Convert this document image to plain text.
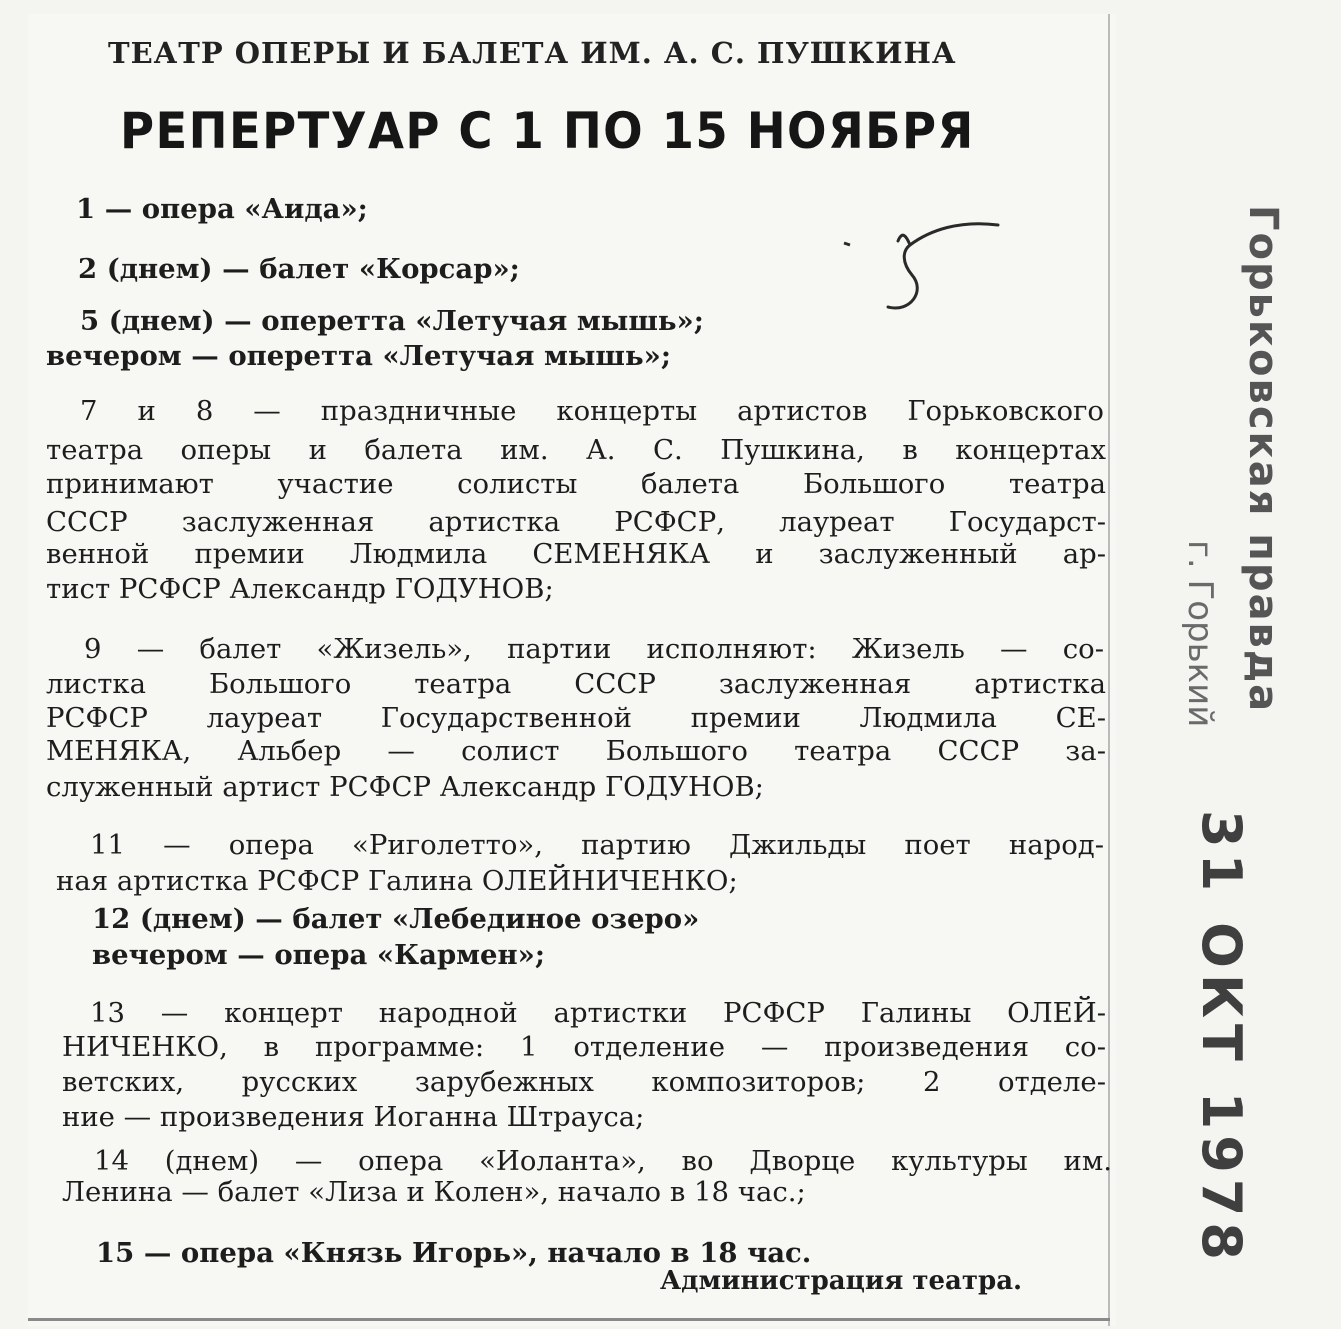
ТЕАТР ОПЕРЫ И БАЛЕТА ИМ. А. С. ПУШКИНА
РЕПЕРТУАР С 1 ПО 15 НОЯБРЯ
1 — опера «Аида»;
2 (днем) — балет «Корсар»;
5 (днем) — оперетта «Летучая мышь»;
вечером — оперетта «Летучая мышь»;
7 и 8 — праздничные концерты артистов Горьковского
театра оперы и балета им. А. С. Пушкина, в концертах
принимают участие солисты балета Большого театра
СССР заслуженная артистка РСФСР, лауреат Государст-
венной премии Людмила СЕМЕНЯКА и заслуженный ар-
тист РСФСР Александр ГОДУНОВ;
9 — балет «Жизель», партии исполняют: Жизель — со-
листка Большого театра СССР заслуженная артистка
РСФСР лауреат Государственной премии Людмила СЕ-
МЕНЯКА, Альбер — солист Большого театра СССР за-
служенный артист РСФСР Александр ГОДУНОВ;
11 — опера «Риголетто», партию Джильды поет народ-
ная артистка РСФСР Галина ОЛЕЙНИЧЕНКО;
12 (днем) — балет «Лебединое озеро»
вечером — опера «Кармен»;
13 — концерт народной артистки РСФСР Галины ОЛЕЙ-
НИЧЕНКО, в программе: 1 отделение — произведения со-
ветских, русских зарубежных композиторов; 2 отделе-
ние — произведения Иоганна Штрауса;
14 (днем) — опера «Иоланта», во Дворце культуры им.
Ленина — балет «Лиза и Колен», начало в 18 час.;
15 — опера «Князь Игорь», начало в 18 час.
Администрация театра.
Горьковская правда
г. Горький
31 ОКТ 1978
